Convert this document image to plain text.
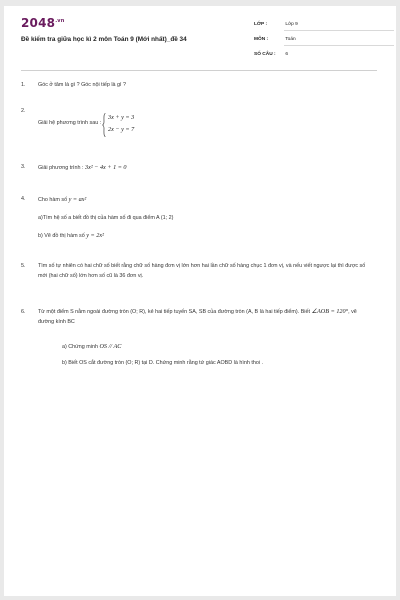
$2048^{.vn}$
Đề kiểm tra giữa học kì 2 môn Toán 9 (Mới nhất)_đề 34
LỚP :	Lớp 9
MÔN :	Toán
SỐ CÂU : 6
1. Góc ở tâm là gì ? Góc nội tiếp là gì ?
2.
Giải hệ phương trình sau :
3x + y = 3
2x − y = 7
3. Giải phương trình : 3x² − 4x + 1 = 0
4. Cho hàm số y = ax²
a)Tìm hệ số a biết đồ thị của hàm số đi qua điểm A (1; 2)
b) Vẽ đồ thị hàm số y = 2x²
5. Tìm số tự nhiên có hai chữ số biết rằng chữ số hàng đơn vị lớn hơn hai lần chữ số hàng chục 1 đơn vị, và nếu viết ngược lại thì được số mới (hai chữ số) lớn hơn số cũ là 36 đơn vị.
6. Từ một điểm S nằm ngoài đường tròn (O; R), kẻ hai tiếp tuyến SA, SB của đường tròn (A, B là hai tiếp điểm). Biết ∠AOB = 120°, vẽ đường kính BC
a) Chứng minh OS // AC
b) Biết OS cắt đường tròn (O; R) tại D. Chứng minh rằng tứ giác AOBD là hình thoi .
